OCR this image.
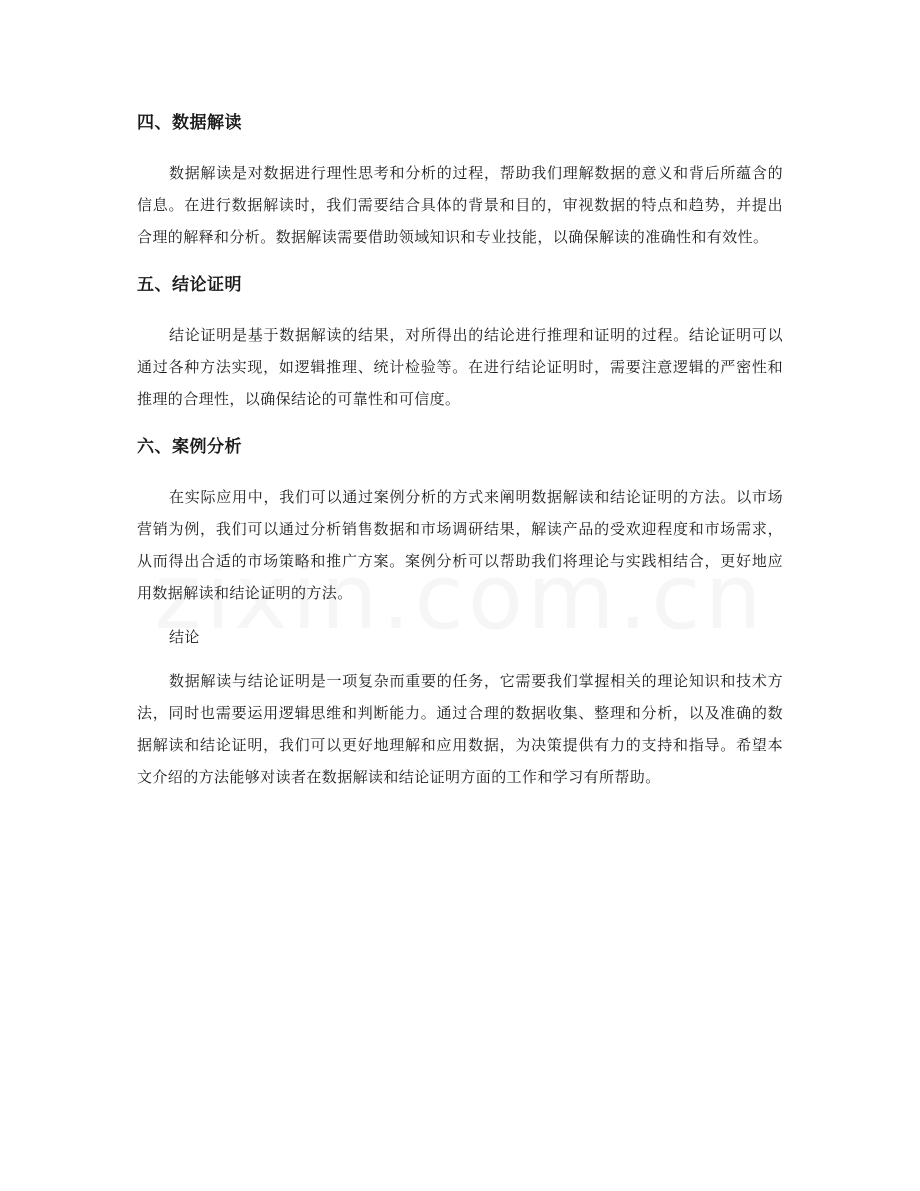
四、数据解读

数据解读是对数据进行理性思考和分析的过程，帮助我们理解数据的意义和背后所蕴含的信息。在进行数据解读时，我们需要结合具体的背景和目的，审视数据的特点和趋势，并提出合理的解释和分析。数据解读需要借助领域知识和专业技能，以确保解读的准确性和有效性。

五、结论证明

结论证明是基于数据解读的结果，对所得出的结论进行推理和证明的过程。结论证明可以通过各种方法实现，如逻辑推理、统计检验等。在进行结论证明时，需要注意逻辑的严密性和推理的合理性，以确保结论的可靠性和可信度。

六、案例分析

在实际应用中，我们可以通过案例分析的方式来阐明数据解读和结论证明的方法。以市场营销为例，我们可以通过分析销售数据和市场调研结果，解读产品的受欢迎程度和市场需求，从而得出合适的市场策略和推广方案。案例分析可以帮助我们将理论与实践相结合，更好地应用数据解读和结论证明的方法。

结论

数据解读与结论证明是一项复杂而重要的任务，它需要我们掌握相关的理论知识和技术方法，同时也需要运用逻辑思维和判断能力。通过合理的数据收集、整理和分析，以及准确的数据解读和结论证明，我们可以更好地理解和应用数据，为决策提供有力的支持和指导。希望本文介绍的方法能够对读者在数据解读和结论证明方面的工作和学习有所帮助。
